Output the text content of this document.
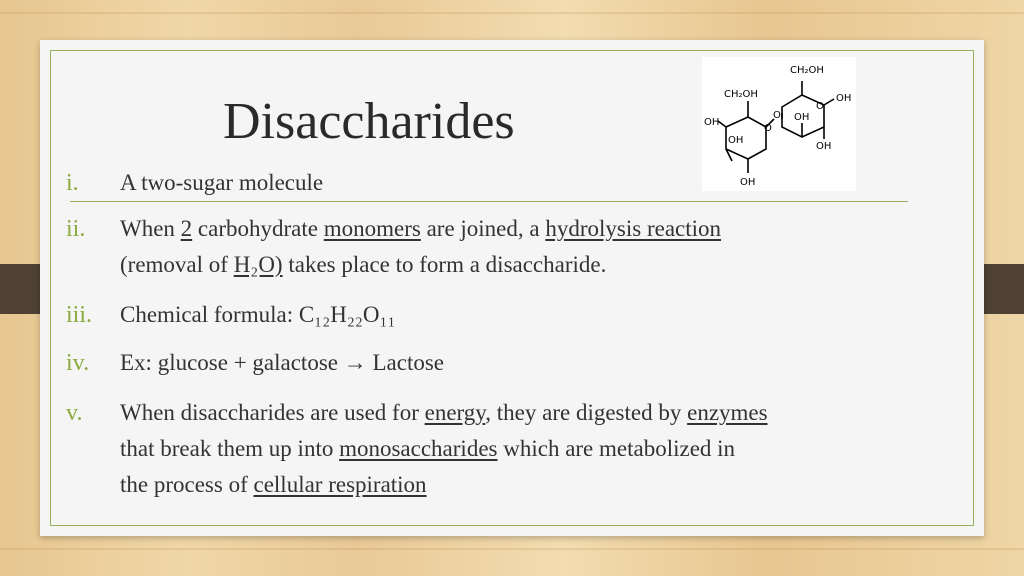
Disaccharides
CH₂OH
CH₂OH
O
O
O
OH
OH
OH
OH
OH
OH
i.	A two-sugar molecule
ii.	When 2 carbohydrate monomers are joined, a hydrolysis reaction
(removal of H₂O) takes place to form a disaccharide.
iii.	Chemical formula: C₁₂H₂₂O₁₁
iv.	Ex: glucose + galactose → Lactose
v.	When disaccharides are used for energy, they are digested by enzymes
that break them up into monosaccharides which are metabolized in
the process of cellular respiration
